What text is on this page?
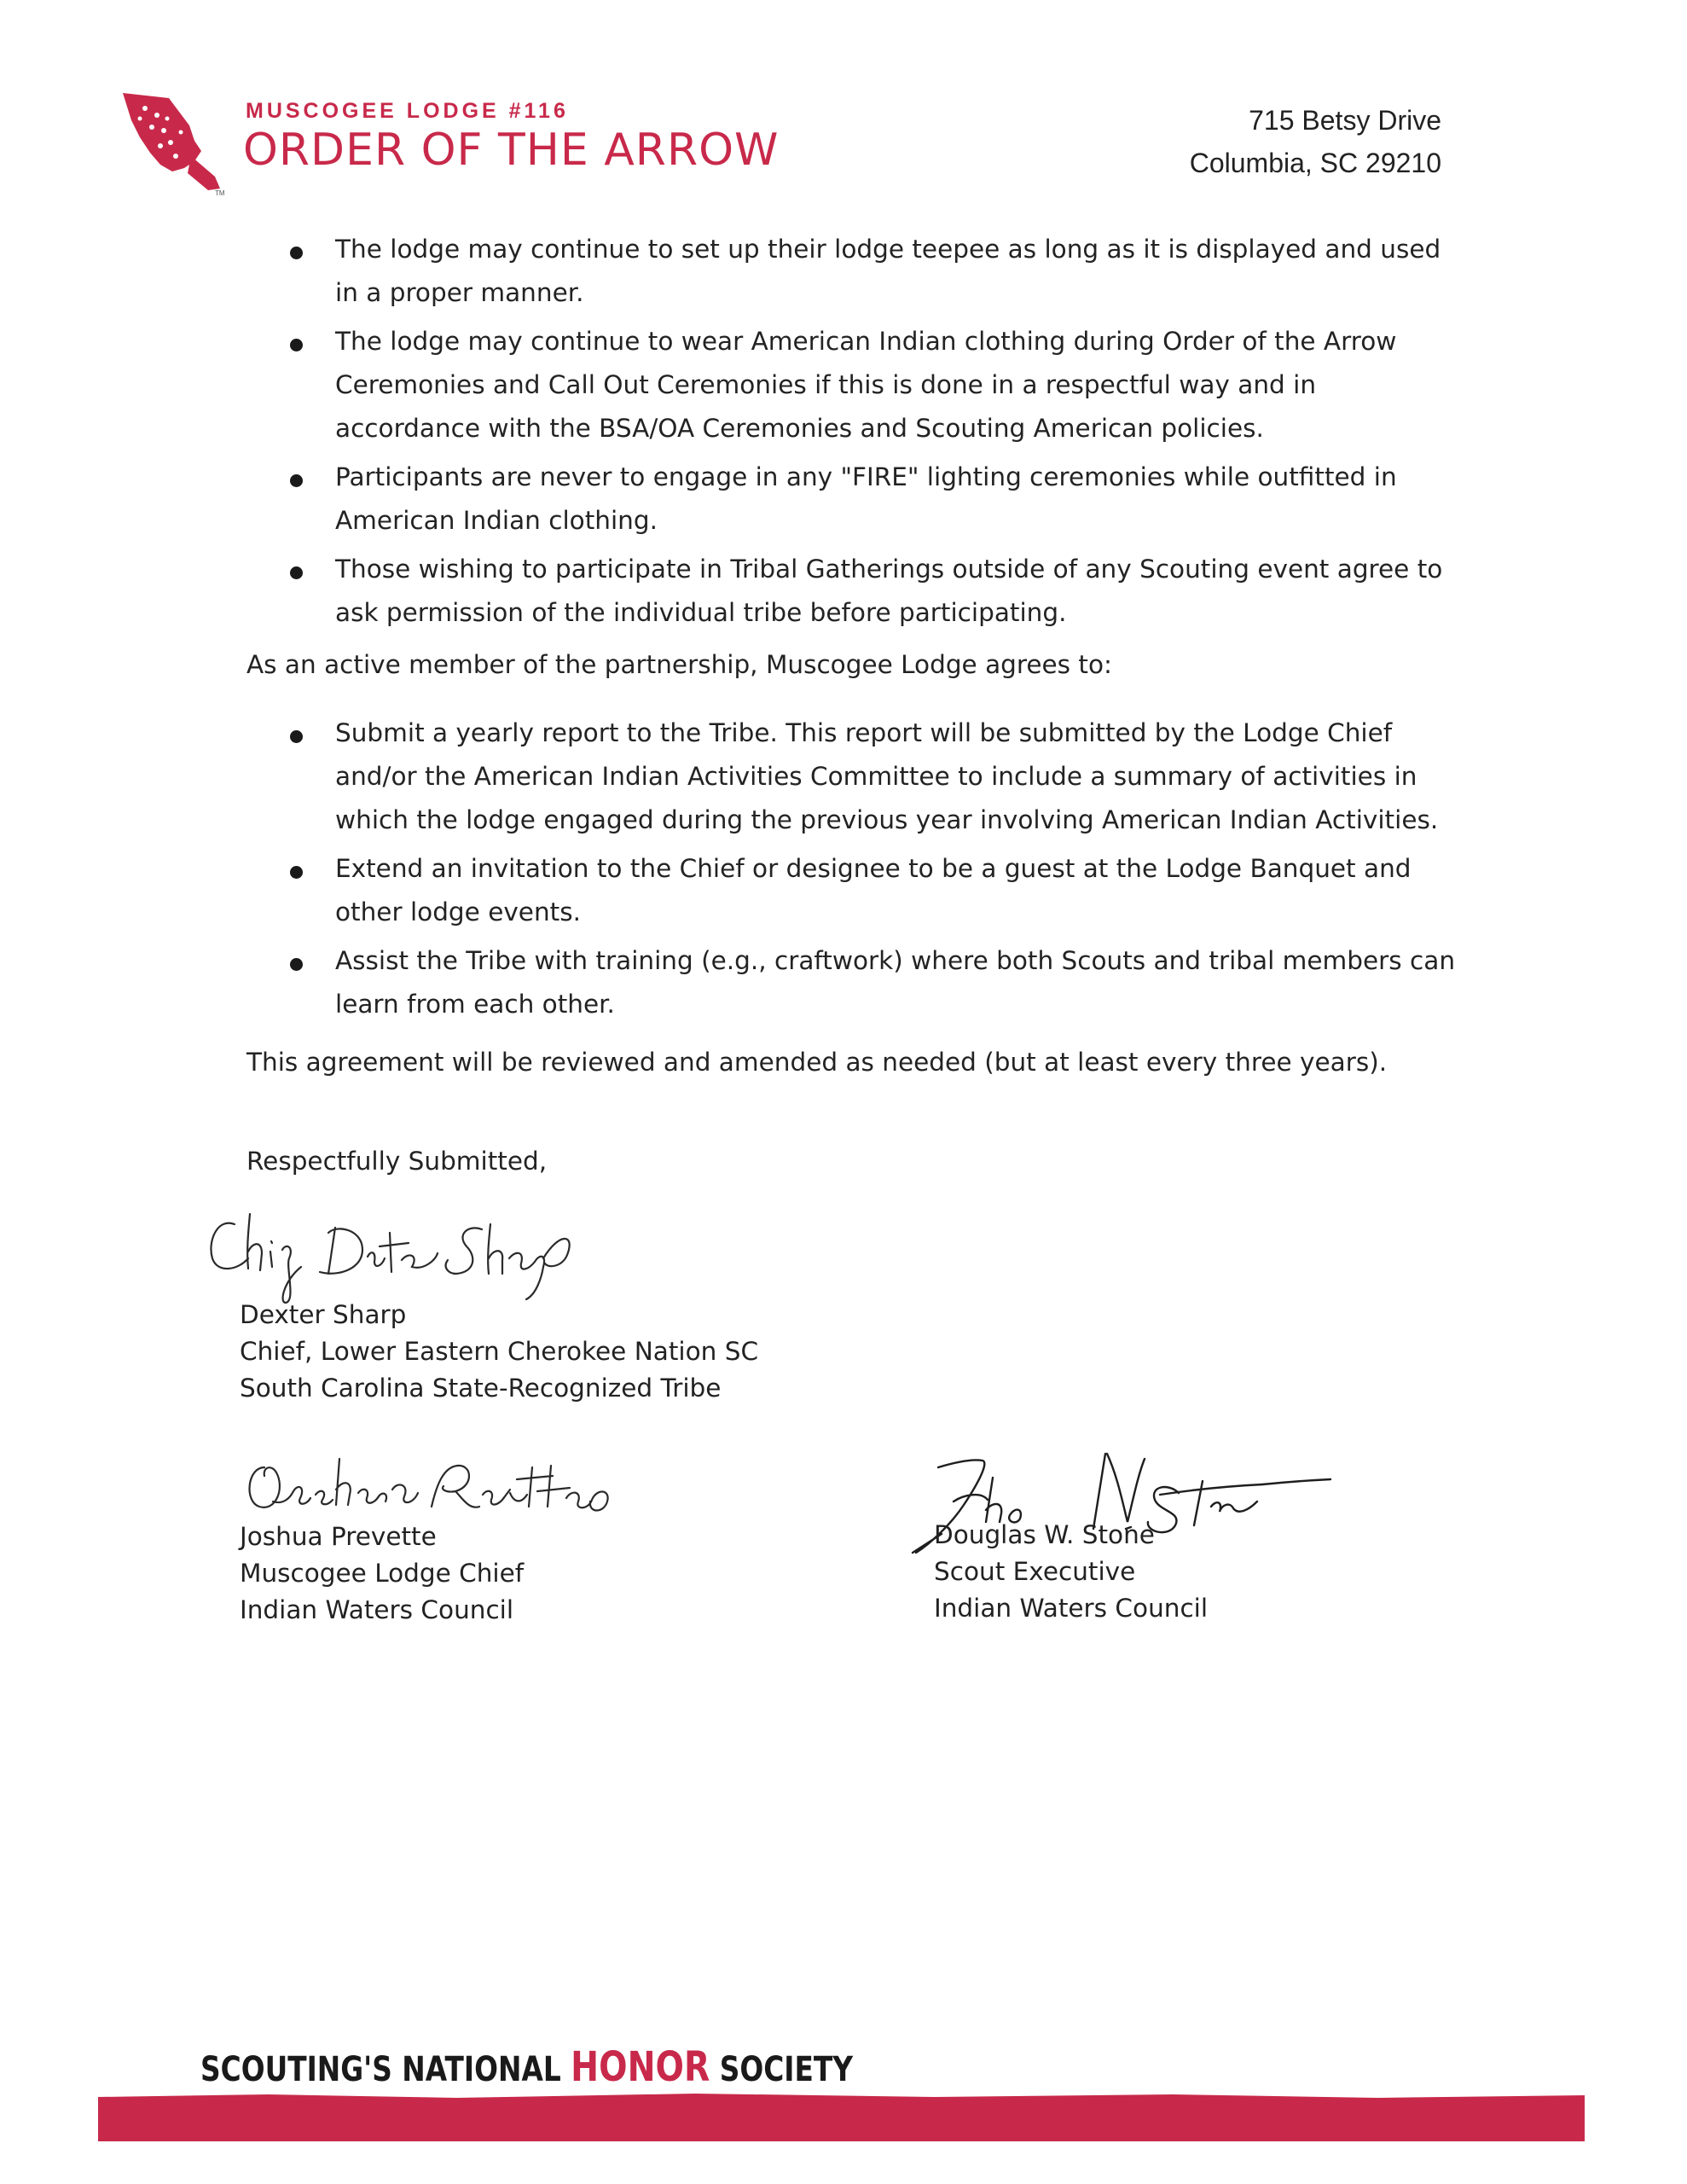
TM
MUSCOGEE LODGE #116
ORDER OF THE ARROW
715 Betsy Drive
Columbia, SC 29210
The lodge may continue to set up their lodge teepee as long as it is displayed and used in a proper manner.
The lodge may continue to wear American Indian clothing during Order of the Arrow Ceremonies and Call Out Ceremonies if this is done in a respectful way and in accordance with the BSA/OA Ceremonies and Scouting American policies.
Participants are never to engage in any "FIRE" lighting ceremonies while outfitted in American Indian clothing.
Those wishing to participate in Tribal Gatherings outside of any Scouting event agree to ask permission of the individual tribe before participating.
As an active member of the partnership, Muscogee Lodge agrees to:
Submit a yearly report to the Tribe. This report will be submitted by the Lodge Chief and/or the American Indian Activities Committee to include a summary of activities in which the lodge engaged during the previous year involving American Indian Activities.
Extend an invitation to the Chief or designee to be a guest at the Lodge Banquet and other lodge events.
Assist the Tribe with training (e.g., craftwork) where both Scouts and tribal members can learn from each other.
This agreement will be reviewed and amended as needed (but at least every three years).
Respectfully Submitted,
Dexter Sharp
Chief, Lower Eastern Cherokee Nation SC
South Carolina State-Recognized Tribe
Joshua Prevette
Muscogee Lodge Chief
Indian Waters Council
Douglas W. Stone
Scout Executive
Indian Waters Council
SCOUTING'S NATIONAL HONOR SOCIETY
